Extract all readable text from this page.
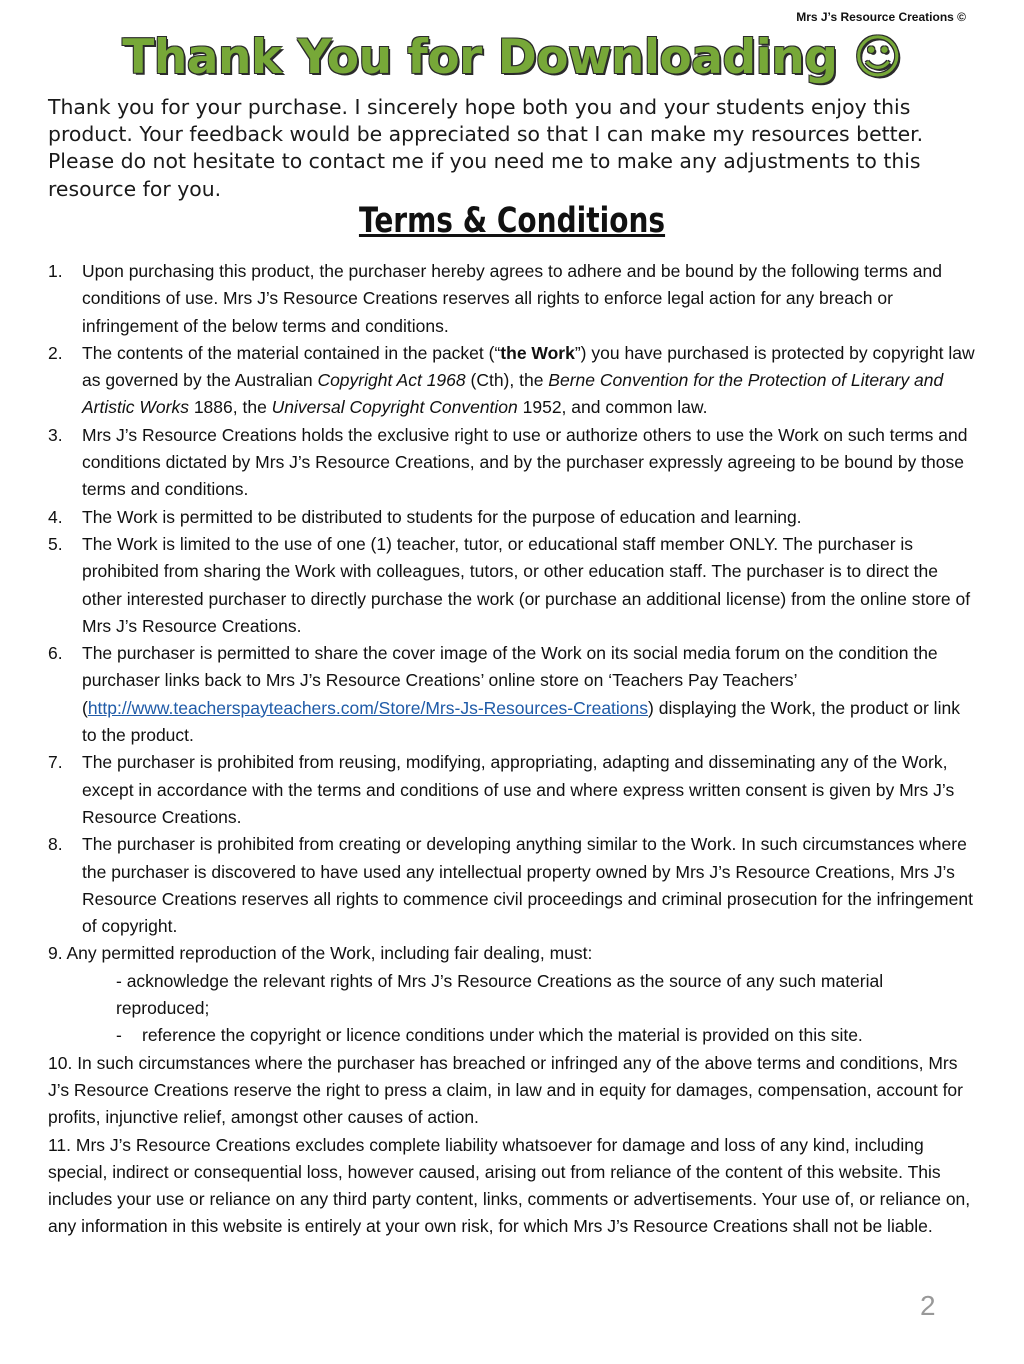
Mrs J’s Resource Creations ©
Thank You for Downloading ☺
Thank you for your purchase. I sincerely hope both you and your students enjoy this product. Your feedback would be appreciated so that I can make my resources better. Please do not hesitate to contact me if you need me to make any adjustments to this resource for you.
Terms & Conditions
1.	Upon purchasing this product, the purchaser hereby agrees to adhere and be bound by the following terms and conditions of use. Mrs J’s Resource Creations reserves all rights to enforce legal action for any breach or infringement of the below terms and conditions.
2.	The contents of the material contained in the packet (“the Work”) you have purchased is protected by copyright law as governed by the Australian Copyright Act 1968 (Cth), the Berne Convention for the Protection of Literary and Artistic Works 1886, the Universal Copyright Convention 1952, and common law.
3.	Mrs J’s Resource Creations holds the exclusive right to use or authorize others to use the Work on such terms and conditions dictated by Mrs J’s Resource Creations, and by the purchaser expressly agreeing to be bound by those terms and conditions.
4.	The Work is permitted to be distributed to students for the purpose of education and learning.
5.	The Work is limited to the use of one (1) teacher, tutor, or educational staff member ONLY. The purchaser is prohibited from sharing the Work with colleagues, tutors, or other education staff. The purchaser is to direct the other interested purchaser to directly purchase the work (or purchase an additional license) from the online store of Mrs J’s Resource Creations.
6.	The purchaser is permitted to share the cover image of the Work on its social media forum on the condition the purchaser links back to Mrs J’s Resource Creations’ online store on ‘Teachers Pay Teachers’ (http://www.teacherspayteachers.com/Store/Mrs-Js-Resources-Creations) displaying the Work, the product or link to the product.
7.	The purchaser is prohibited from reusing, modifying, appropriating, adapting and disseminating any of the Work, except in accordance with the terms and conditions of use and where express written consent is given by Mrs J’s Resource Creations.
8.	The purchaser is prohibited from creating or developing anything similar to the Work. In such circumstances where the purchaser is discovered to have used any intellectual property owned by Mrs J’s Resource Creations, Mrs J’s Resource Creations reserves all rights to commence civil proceedings and criminal prosecution for the infringement of copyright.
9. Any permitted reproduction of the Work, including fair dealing, must:
- acknowledge the relevant rights of Mrs J’s Resource Creations as the source of any such material reproduced;
-	reference the copyright or licence conditions under which the material is provided on this site.
10. In such circumstances where the purchaser has breached or infringed any of the above terms and conditions, Mrs J’s Resource Creations reserve the right to press a claim, in law and in equity for damages, compensation, account for profits, injunctive relief, amongst other causes of action.
11. Mrs J’s Resource Creations excludes complete liability whatsoever for damage and loss of any kind, including special, indirect or consequential loss, however caused, arising out from reliance of the content of this website. This includes your use or reliance on any third party content, links, comments or advertisements. Your use of, or reliance on, any information in this website is entirely at your own risk, for which Mrs J’s Resource Creations shall not be liable.
2
